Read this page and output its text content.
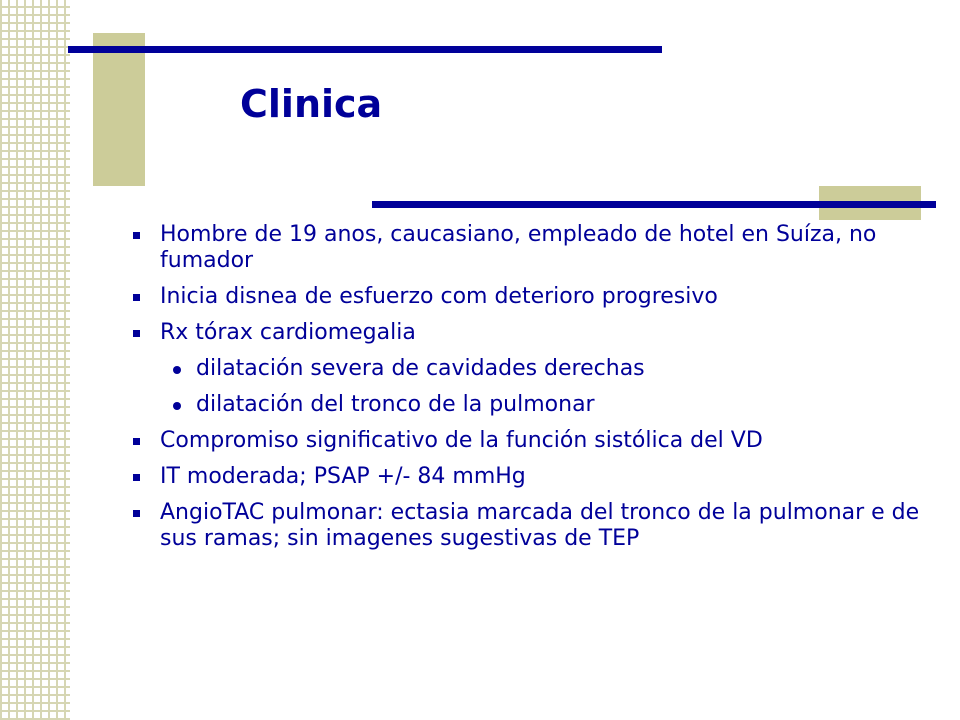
Clinica
Hombre de 19 anos, caucasiano, empleado de hotel en Suíza, no fumador
Inicia disnea de esfuerzo com deterioro progresivo
Rx tórax cardiomegalia
dilatación severa de cavidades derechas
dilatación del tronco de la pulmonar
Compromiso significativo de la función sistólica del VD
IT moderada; PSAP +/- 84 mmHg
AngioTAC pulmonar: ectasia marcada del tronco de la pulmonar e de sus ramas; sin imagenes sugestivas de TEP
